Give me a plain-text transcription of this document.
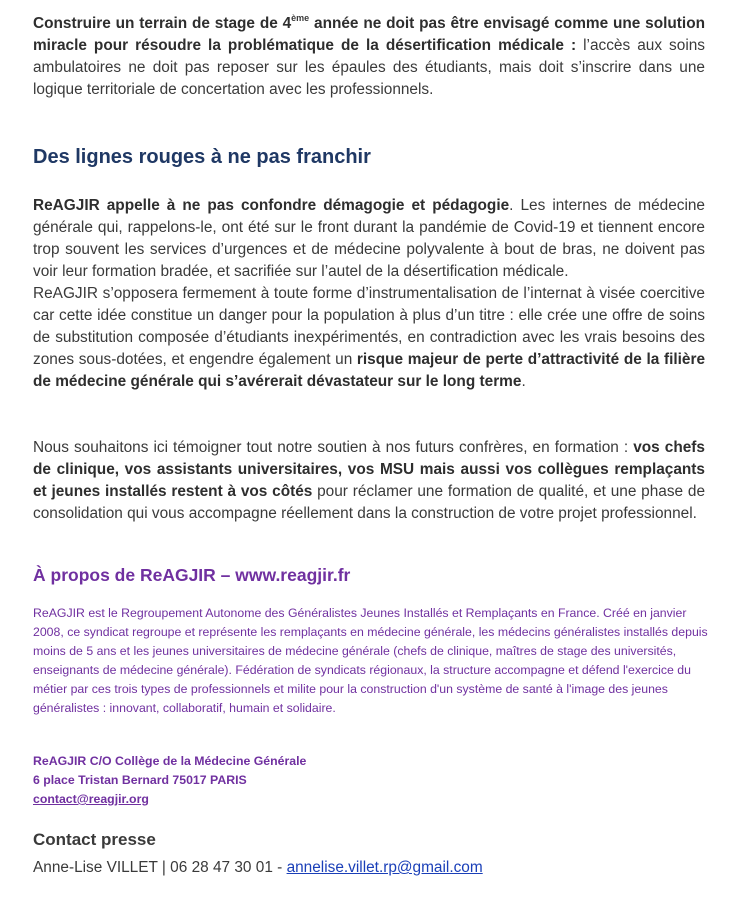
Construire un terrain de stage de 4ème année ne doit pas être envisagé comme une solution miracle pour résoudre la problématique de la désertification médicale : l’accès aux soins ambulatoires ne doit pas reposer sur les épaules des étudiants, mais doit s’inscrire dans une logique territoriale de concertation avec les professionnels.

Des lignes rouges à ne pas franchir

ReAGJIR appelle à ne pas confondre démagogie et pédagogie. Les internes de médecine générale qui, rappelons-le, ont été sur le front durant la pandémie de Covid-19 et tiennent encore trop souvent les services d’urgences et de médecine polyvalente à bout de bras, ne doivent pas voir leur formation bradée, et sacrifiée sur l’autel de la désertification médicale.

ReAGJIR s’opposera fermement à toute forme d’instrumentalisation de l’internat à visée coercitive car cette idée constitue un danger pour la population à plus d’un titre : elle crée une offre de soins de substitution composée d’étudiants inexpérimentés, en contradiction avec les vrais besoins des zones sous-dotées, et engendre également un risque majeur de perte d’attractivité de la filière de médecine générale qui s’avérerait dévastateur sur le long terme.

Nous souhaitons ici témoigner tout notre soutien à nos futurs confrères, en formation : vos chefs de clinique, vos assistants universitaires, vos MSU mais aussi vos collègues remplaçants et jeunes installés restent à vos côtés pour réclamer une formation de qualité, et une phase de consolidation qui vous accompagne réellement dans la construction de votre projet professionnel.

À propos de ReAGJIR – www.reagjir.fr

ReAGJIR est le Regroupement Autonome des Généralistes Jeunes Installés et Remplaçants en France. Créé en janvier 2008, ce syndicat regroupe et représente les remplaçants en médecine générale, les médecins généralistes installés depuis moins de 5 ans et les jeunes universitaires de médecine générale (chefs de clinique, maîtres de stage des universités, enseignants de médecine générale). Fédération de syndicats régionaux, la structure accompagne et défend l'exercice du métier par ces trois types de professionnels et milite pour la construction d'un système de santé à l'image des jeunes généralistes : innovant, collaboratif, humain et solidaire.

ReAGJIR C/O Collège de la Médecine Générale
6 place Tristan Bernard 75017 PARIS
contact@reagjir.org
Contact presse
Anne-Lise VILLET | 06 28 47 30 01 - annelise.villet.rp@gmail.com
